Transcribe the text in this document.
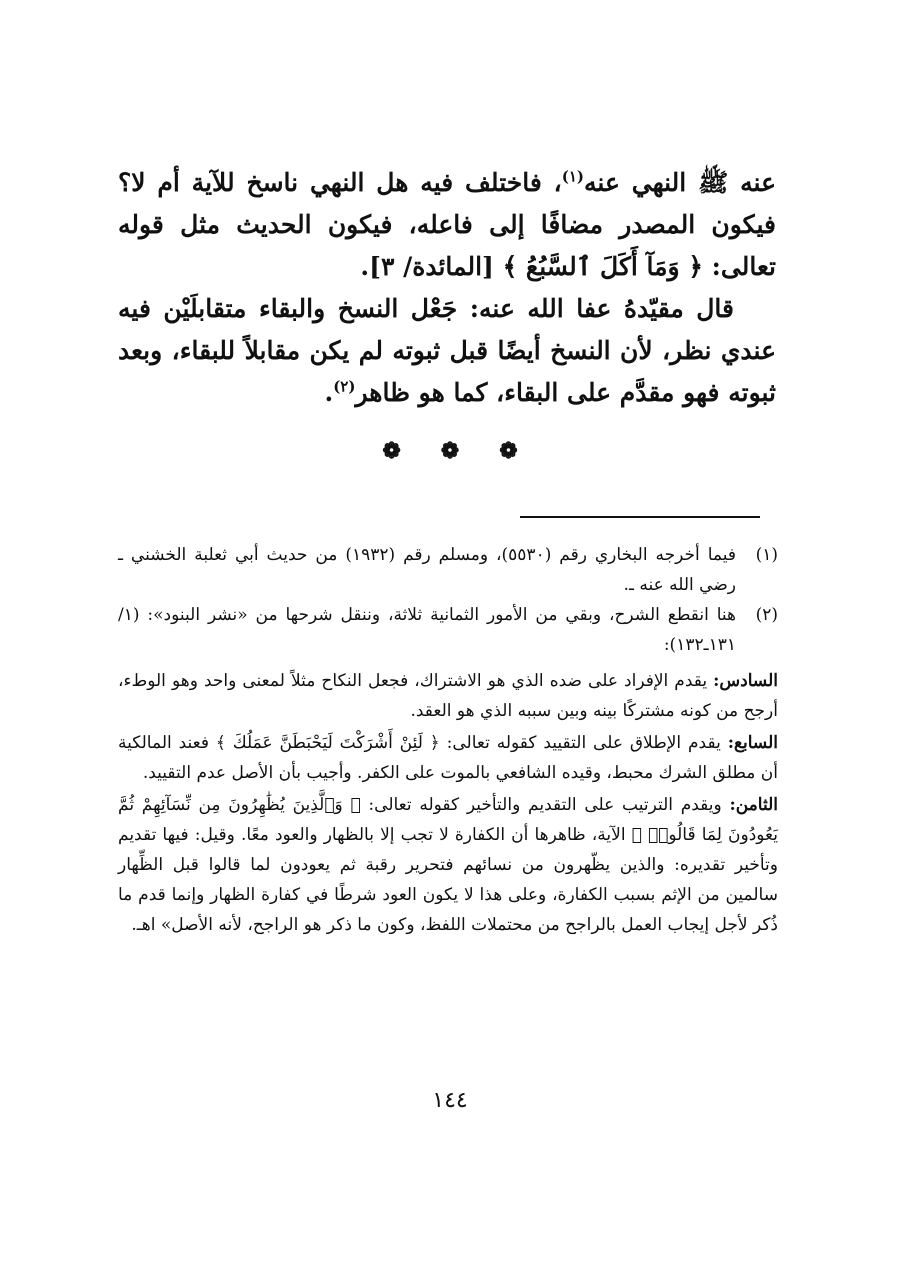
عنه ﷺ النهي عنه$^{(١)}$، فاختلف فيه هل النهي ناسخ للآية أم لا؟ فيكون المصدر مضافًا إلى فاعله، فيكون الحديث مثل قوله تعالى: ﴿ وَمَآ أَكَلَ ٱلسَّبُعُ ﴾ [المائدة/ ٣].

قال مقيّدهُ عفا الله عنه: جَعْل النسخ والبقاء متقابلَيْن فيه عندي نظر، لأن النسخ أيضًا قبل ثبوته لم يكن مقابلاً للبقاء، وبعد ثبوته فهو مقدَّم على البقاء، كما هو ظاهر$^{(٢)}$.

❁❁❁
(١)

فيما أخرجه البخاري رقم (٥٥٣٠)، ومسلم رقم (١٩٣٢) من حديث أبي ثعلبة الخشني ـ رضي الله عنه ـ.

(٢)

هنا انقطع الشرح، وبقي من الأمور الثمانية ثلاثة، وننقل شرحها من «نشر البنود»: (١/ ١٣١ـ١٣٢):

السادس: يقدم الإفراد على ضده الذي هو الاشتراك، فجعل النكاح مثلاً لمعنى واحد وهو الوطء، أرجح من كونه مشتركًا بينه وبين سببه الذي هو العقد.

السابع: يقدم الإطلاق على التقييد كقوله تعالى: ﴿ لَئِنْ أَشْرَكْتَ لَيَحْبَطَنَّ عَمَلُكَ ﴾ فعند المالكية أن مطلق الشرك محبط، وقيده الشافعي بالموت على الكفر. وأجيب بأن الأصل عدم التقييد.

الثامن: ويقدم الترتيب على التقديم والتأخير كقوله تعالى: ﴿ وَٱلَّذِينَ يُظَٰهِرُونَ مِن نِّسَآئِهِمْ ثُمَّ يَعُودُونَ لِمَا قَالُوا۟ ﴾ الآية، ظاهرها أن الكفارة لا تجب إلا بالظهار والعود معًا. وقيل: فيها تقديم وتأخير تقديره: والذين يظّهرون من نسائهم فتحرير رقبة ثم يعودون لما قالوا قبل الظِّهار سالمين من الإثم بسبب الكفارة، وعلى هذا لا يكون العود شرطًا في كفارة الظهار وإنما قدم ما ذُكر لأجل إيجاب العمل بالراجح من محتملات اللفظ، وكون ما ذكر هو الراجح، لأنه الأصل» اهـ.

١٤٤
